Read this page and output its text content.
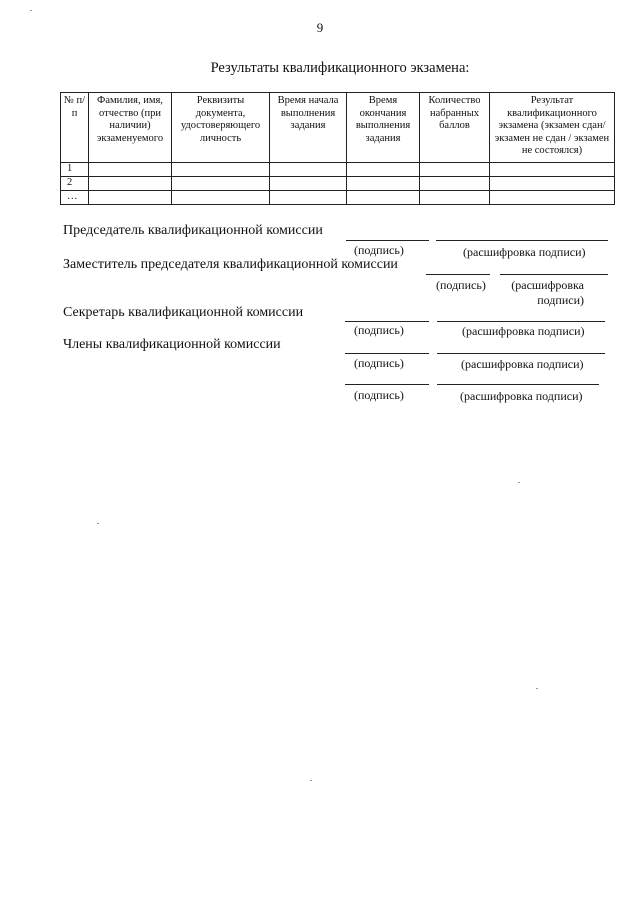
9
Результаты квалификационного экзамена:
№ п/п	Фамилия, имя, отчество (при наличии) экзаменуемого	Реквизиты документа, удостоверяющего личность	Время начала выполнения задания	Время окончания выполнения задания	Количество набранных баллов	Результат квалификационного экзамена (экзамен сдан/ экзамен не сдан / экзамен не состоялся)
1						
2						
…						
Председатель квалификационной комиссии
(подпись)	(расшифровка подписи)
Заместитель председателя квалификационной комиссии
(подпись)	(расшифровка подписи)
Секретарь квалификационной комиссии
(подпись)	(расшифровка подписи)
Члены квалификационной комиссии
(подпись)	(расшифровка подписи)
(подпись)	(расшифровка подписи)
